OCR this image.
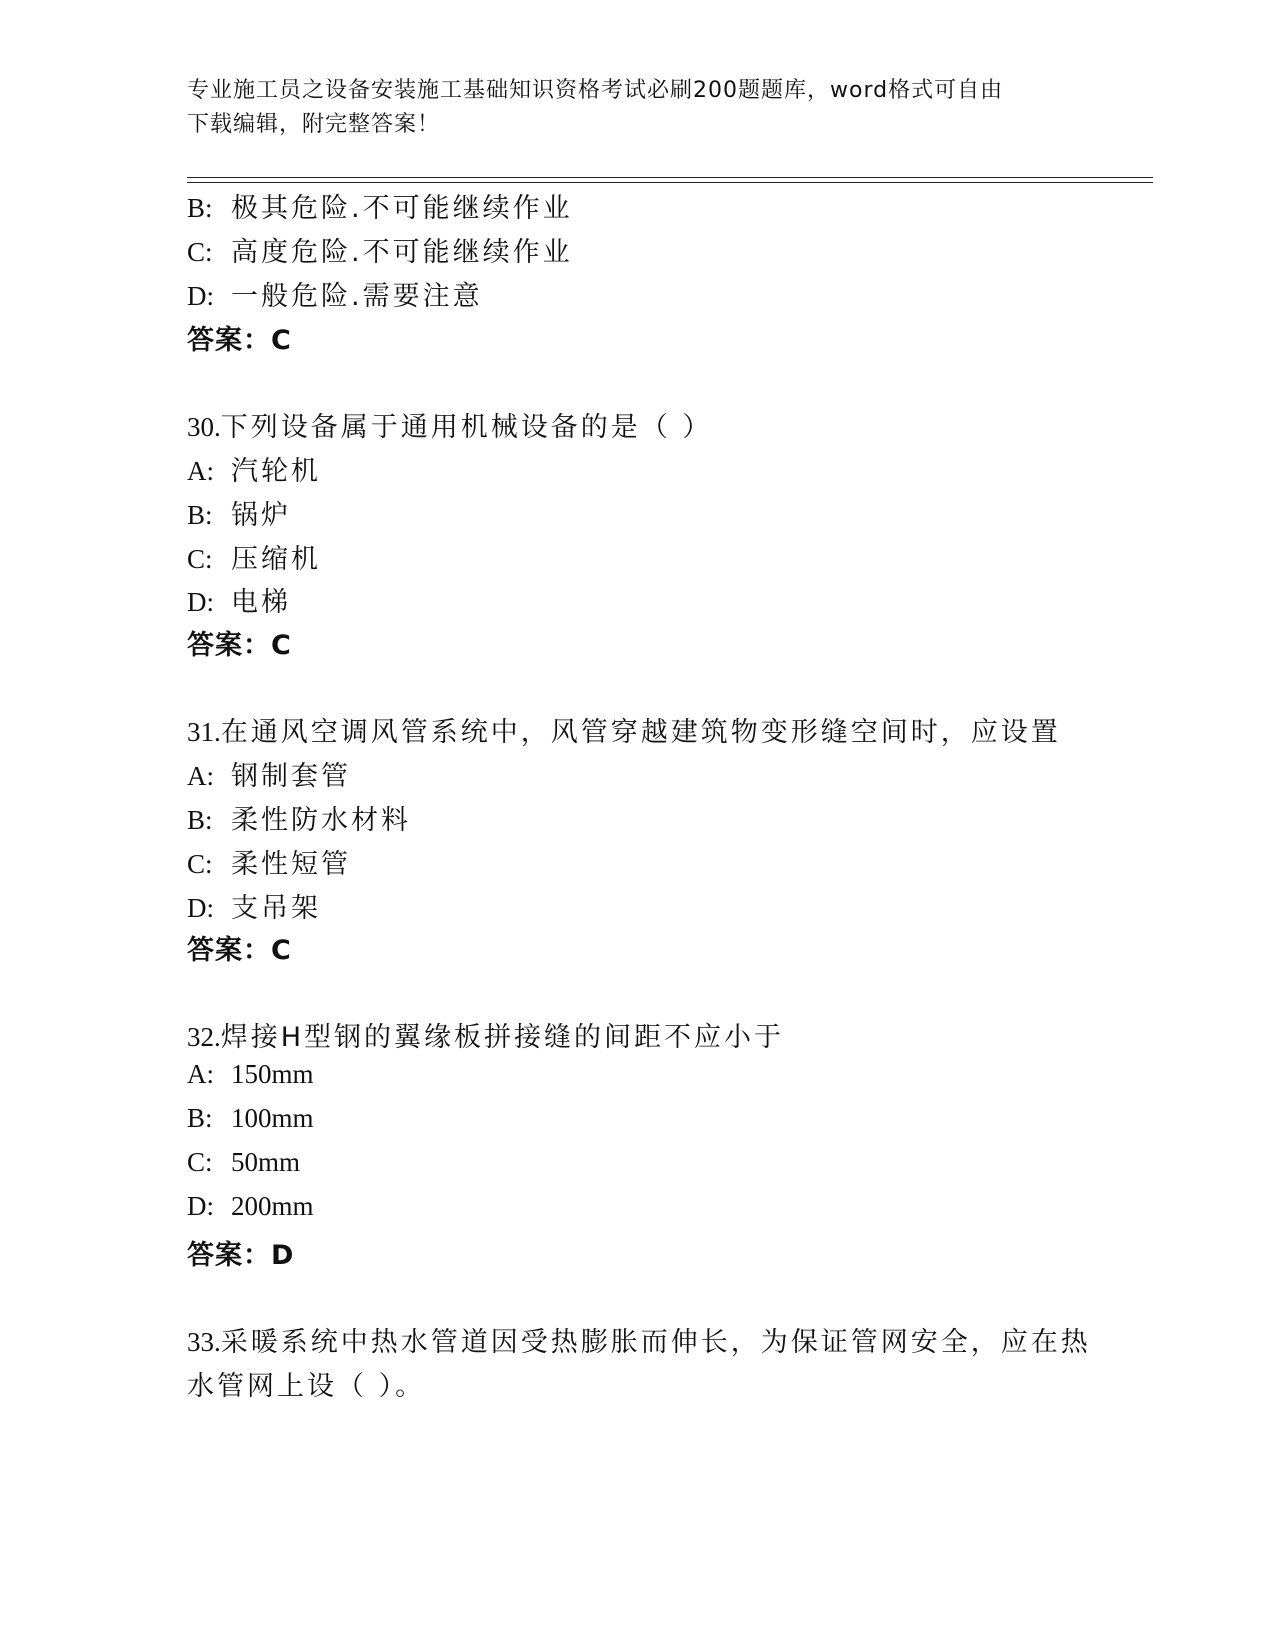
专业施工员之设备安装施工基础知识资格考试必刷200题题库，word格式可自由
下载编辑，附完整答案！
B: 极其危险.不可能继续作业
C: 高度危险.不可能继续作业
D: 一般危险.需要注意
答案：C
30.下列设备属于通用机械设备的是（ ）
A: 汽轮机
B: 锅炉
C: 压缩机
D: 电梯
答案：C
31.在通风空调风管系统中，风管穿越建筑物变形缝空间时，应设置
A: 钢制套管
B: 柔性防水材料
C: 柔性短管
D: 支吊架
答案：C
32.焊接H型钢的翼缘板拼接缝的间距不应小于
A: 150mm
B: 100mm
C: 50mm
D: 200mm
答案：D
33.采暖系统中热水管道因受热膨胀而伸长，为保证管网安全，应在热
水管网上设（ ）。
